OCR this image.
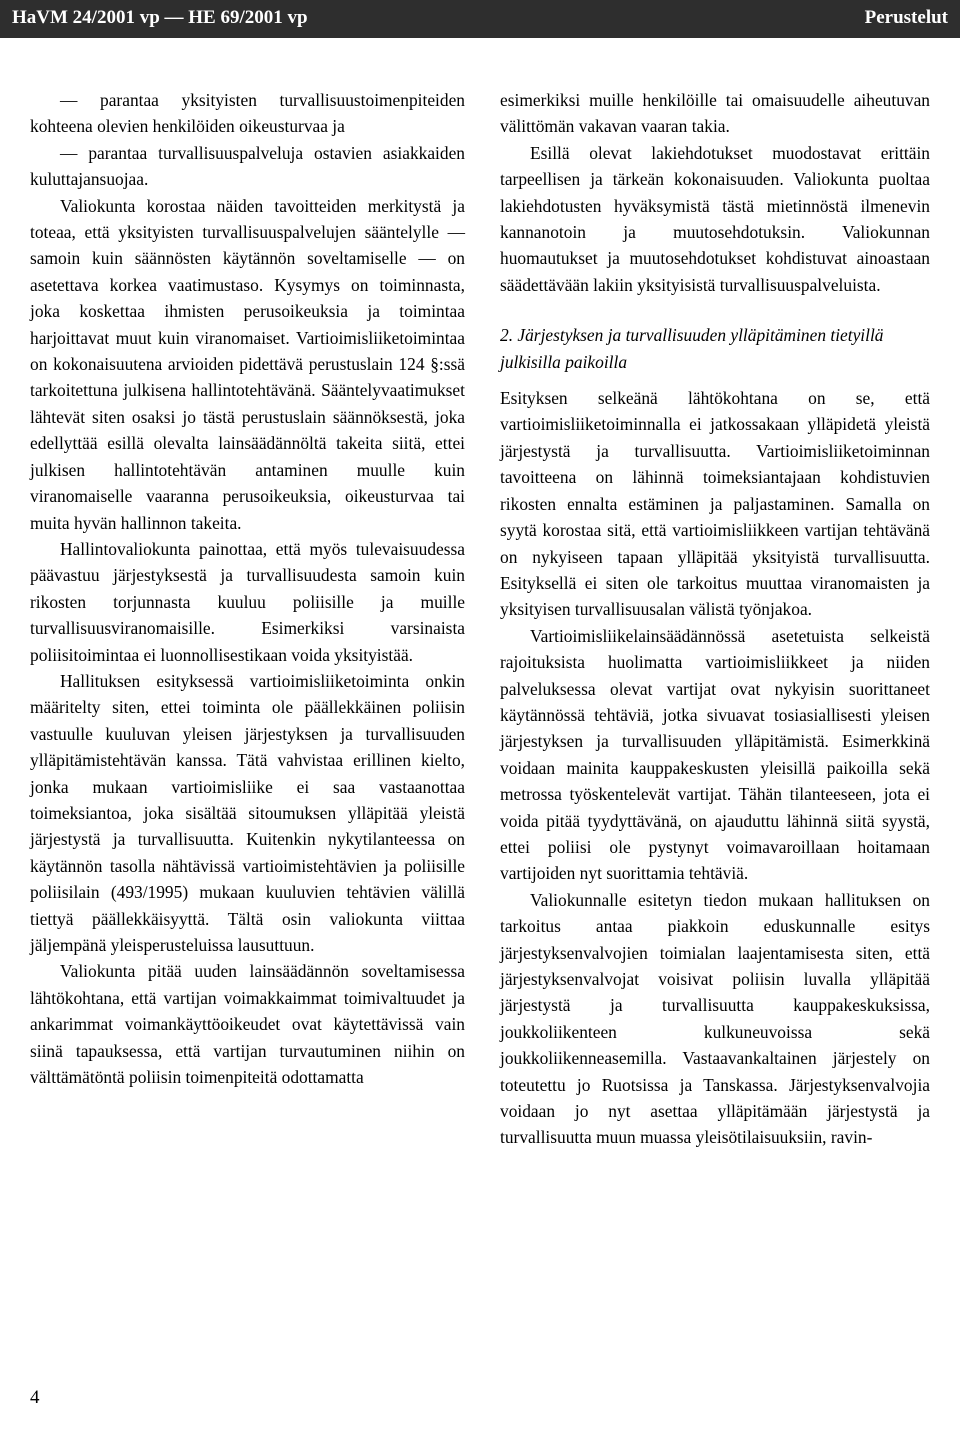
HaVM 24/2001 vp — HE 69/2001 vp	Perustelut

— parantaa yksityisten turvallisuustoimenpiteiden kohteena olevien henkilöiden oikeusturvaa ja

— parantaa turvallisuuspalveluja ostavien asiakkaiden kuluttajansuojaa.

Valiokunta korostaa näiden tavoitteiden merkitystä ja toteaa, että yksityisten turvallisuuspalvelujen sääntelylle — samoin kuin säännösten käytännön soveltamiselle — on asetettava korkea vaatimustaso. Kysymys on toiminnasta, joka koskettaa ihmisten perusoikeuksia ja toimintaa harjoittavat muut kuin viranomaiset. Vartioimisliiketoimintaa on kokonaisuutena arvioiden pidettävä perustuslain 124 §:ssä tarkoitettuna julkisena hallintotehtävänä. Sääntelyvaatimukset lähtevät siten osaksi jo tästä perustuslain säännöksestä, joka edellyttää esillä olevalta lainsäädännöltä takeita siitä, ettei julkisen hallintotehtävän antaminen muulle kuin viranomaiselle vaaranna perusoikeuksia, oikeusturvaa tai muita hyvän hallinnon takeita.

Hallintovaliokunta painottaa, että myös tulevaisuudessa päävastuu järjestyksestä ja turvallisuudesta samoin kuin rikosten torjunnasta kuuluu poliisille ja muille turvallisuusviranomaisille. Esimerkiksi varsinaista poliisitoimintaa ei luonnollisestikaan voida yksityistää.

Hallituksen esityksessä vartioimisliiketoiminta onkin määritelty siten, ettei toiminta ole päällekkäinen poliisin vastuulle kuuluvan yleisen järjestyksen ja turvallisuuden ylläpitämistehtävän kanssa. Tätä vahvistaa erillinen kielto, jonka mukaan vartioimisliike ei saa vastaanottaa toimeksiantoa, joka sisältää sitoumuksen ylläpitää yleistä järjestystä ja turvallisuutta. Kuitenkin nykytilanteessa on käytännön tasolla nähtävissä vartioimistehtävien ja poliisille poliisilain (493/1995) mukaan kuuluvien tehtävien välillä tiettyä päällekkäisyyttä. Tältä osin valiokunta viittaa jäljempänä yleisperusteluissa lausuttuun.

Valiokunta pitää uuden lainsäädännön soveltamisessa lähtökohtana, että vartijan voimakkaimmat toimivaltuudet ja ankarimmat voimankäyttöoikeudet ovat käytettävissä vain siinä tapauksessa, että vartijan turvautuminen niihin on välttämätöntä poliisin toimenpiteitä odottamatta

esimerkiksi muille henkilöille tai omaisuudelle aiheutuvan välittömän vakavan vaaran takia.

Esillä olevat lakiehdotukset muodostavat erittäin tarpeellisen ja tärkeän kokonaisuuden. Valiokunta puoltaa lakiehdotusten hyväksymistä tästä mietinnöstä ilmenevin kannanotoin ja muutosehdotuksin. Valiokunnan huomautukset ja muutosehdotukset kohdistuvat ainoastaan säädettävään lakiin yksityisistä turvallisuuspalveluista.

2. Järjestyksen ja turvallisuuden ylläpitäminen tietyillä julkisilla paikoilla

Esityksen selkeänä lähtökohtana on se, että vartioimisliiketoiminnalla ei jatkossakaan ylläpidetä yleistä järjestystä ja turvallisuutta. Vartioimisliiketoiminnan tavoitteena on lähinnä toimeksiantajaan kohdistuvien rikosten ennalta estäminen ja paljastaminen. Samalla on syytä korostaa sitä, että vartioimisliikkeen vartijan tehtävänä on nykyiseen tapaan ylläpitää yksityistä turvallisuutta. Esityksellä ei siten ole tarkoitus muuttaa viranomaisten ja yksityisen turvallisuusalan välistä työnjakoa.

Vartioimisliikelainsäädännössä asetetuista selkeistä rajoituksista huolimatta vartioimisliikkeet ja niiden palveluksessa olevat vartijat ovat nykyisin suorittaneet käytännössä tehtäviä, jotka sivuavat tosiasiallisesti yleisen järjestyksen ja turvallisuuden ylläpitämistä. Esimerkkinä voidaan mainita kauppakeskusten yleisillä paikoilla sekä metrossa työskentelevät vartijat. Tähän tilanteeseen, jota ei voida pitää tyydyttävänä, on ajauduttu lähinnä siitä syystä, ettei poliisi ole pystynyt voimavaroillaan hoitamaan vartijoiden nyt suorittamia tehtäviä.

Valiokunnalle esitetyn tiedon mukaan hallituksen on tarkoitus antaa piakkoin eduskunnalle esitys järjestyksenvalvojien toimialan laajentamisesta siten, että järjestyksenvalvojat voisivat poliisin luvalla ylläpitää järjestystä ja turvallisuutta kauppakeskuksissa, joukkoliikenteen kulkuneuvoissa sekä joukkoliikenneasemilla. Vastaavankaltainen järjestely on toteutettu jo Ruotsissa ja Tanskassa. Järjestyksenvalvojia voidaan jo nyt asettaa ylläpitämään järjestystä ja turvallisuutta muun muassa yleisötilaisuuksiin, ravin-

4
